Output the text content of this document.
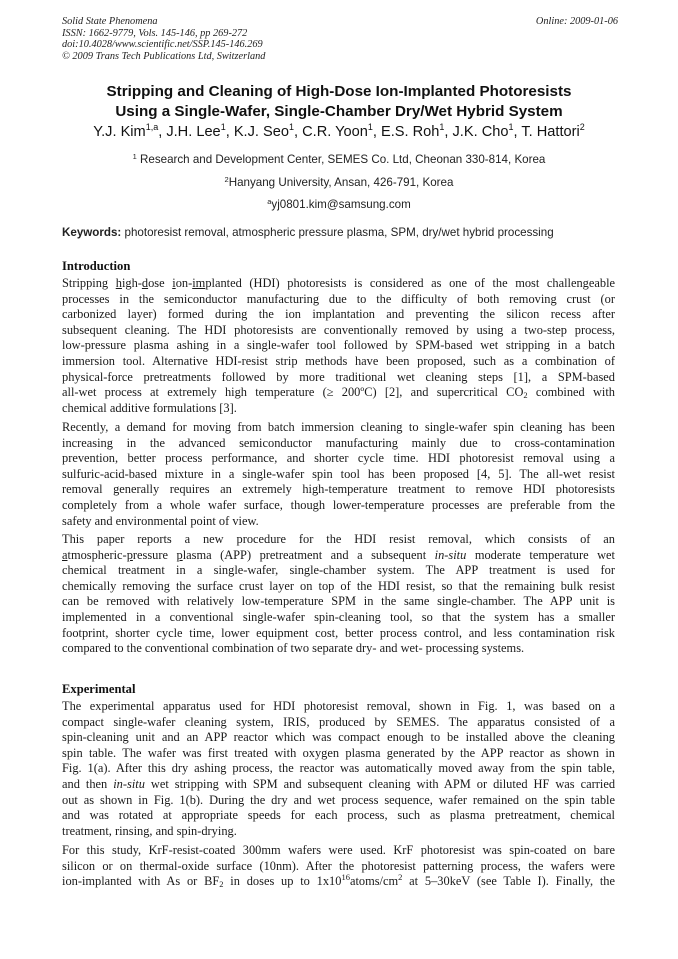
Solid State Phenomena	Online: 2009-01-06
ISSN: 1662-9779, Vols. 145-146, pp 269-272
doi:10.4028/www.scientific.net/SSP.145-146.269
© 2009 Trans Tech Publications Ltd, Switzerland
Stripping and Cleaning of High-Dose Ion-Implanted Photoresists
Using a Single-Wafer, Single-Chamber Dry/Wet Hybrid System
Y.J. Kim$^{1,a}$, J.H. Lee$^1$, K.J. Seo$^1$, C.R. Yoon$^1$, E.S. Roh$^1$, J.K. Cho$^1$, T. Hattori$^2$
$^1$ Research and Development Center, SEMES Co. Ltd, Cheonan 330-814, Korea
$^2$Hanyang University, Ansan, 426-791, Korea
$^a$yj0801.kim@samsung.com
Keywords: photoresist removal, atmospheric pressure plasma, SPM, dry/wet hybrid processing
Introduction
Stripping high-dose ion-implanted (HDI) photoresists is considered as one of the most challengeable
processes in the semiconductor manufacturing due to the difficulty of both removing crust (or
carbonized layer) formed during the ion implantation and preventing the silicon recess after
subsequent cleaning. The HDI photoresists are conventionally removed by using a two-step process,
low-pressure plasma ashing in a single-wafer tool followed by SPM-based wet stripping in a batch
immersion tool. Alternative HDI-resist strip methods have been proposed, such as a combination of
physical-force pretreatments followed by more traditional wet cleaning steps [1], a SPM-based
all-wet process at extremely high temperature (≥ 200ºC) [2], and supercritical $CO_2$ combined with
chemical additive formulations [3].
Recently, a demand for moving from batch immersion cleaning to single-wafer spin cleaning has been
increasing in the advanced semiconductor manufacturing mainly due to cross-contamination
prevention, better process performance, and shorter cycle time. HDI photoresist removal using a
sulfuric-acid-based mixture in a single-wafer spin tool has been proposed [4, 5]. The all-wet resist
removal generally requires an extremely high-temperature treatment to remove HDI photoresists
completely from a whole wafer surface, though lower-temperature processes are preferable from the
safety and environmental point of view.
This paper reports a new procedure for the HDI resist removal, which consists of an
atmospheric-pressure plasma (APP) pretreatment and a subsequent in-situ moderate temperature wet
chemical treatment in a single-wafer, single-chamber system. The APP treatment is used for
chemically removing the surface crust layer on top of the HDI resist, so that the remaining bulk resist
can be removed with relatively low-temperature SPM in the same single-chamber. The APP unit is
implemented in a conventional single-wafer spin-cleaning tool, so that the system has a smaller
footprint, shorter cycle time, lower equipment cost, better process control, and less contamination risk
compared to the conventional combination of two separate dry- and wet- processing systems.
Experimental
The experimental apparatus used for HDI photoresist removal, shown in Fig. 1, was based on a
compact single-wafer cleaning system, IRIS, produced by SEMES. The apparatus consisted of a
spin-cleaning unit and an APP reactor which was compact enough to be installed above the cleaning
spin table. The wafer was first treated with oxygen plasma generated by the APP reactor as shown in
Fig. 1(a). After this dry ashing process, the reactor was automatically moved away from the spin table,
and then in-situ wet stripping with SPM and subsequent cleaning with APM or diluted HF was carried
out as shown in Fig. 1(b). During the dry and wet process sequence, wafer remained on the spin table
and was rotated at appropriate speeds for each process, such as plasma pretreatment, chemical
treatment, rinsing, and spin-drying.
For this study, KrF-resist-coated 300mm wafers were used. KrF photoresist was spin-coated on bare
silicon or on thermal-oxide surface (10nm). After the photoresist patterning process, the wafers were
ion-implanted with As or $BF_2$ in doses up to $1x10^{16}atoms/cm^2$ at 5–30keV (see Table I). Finally, the
